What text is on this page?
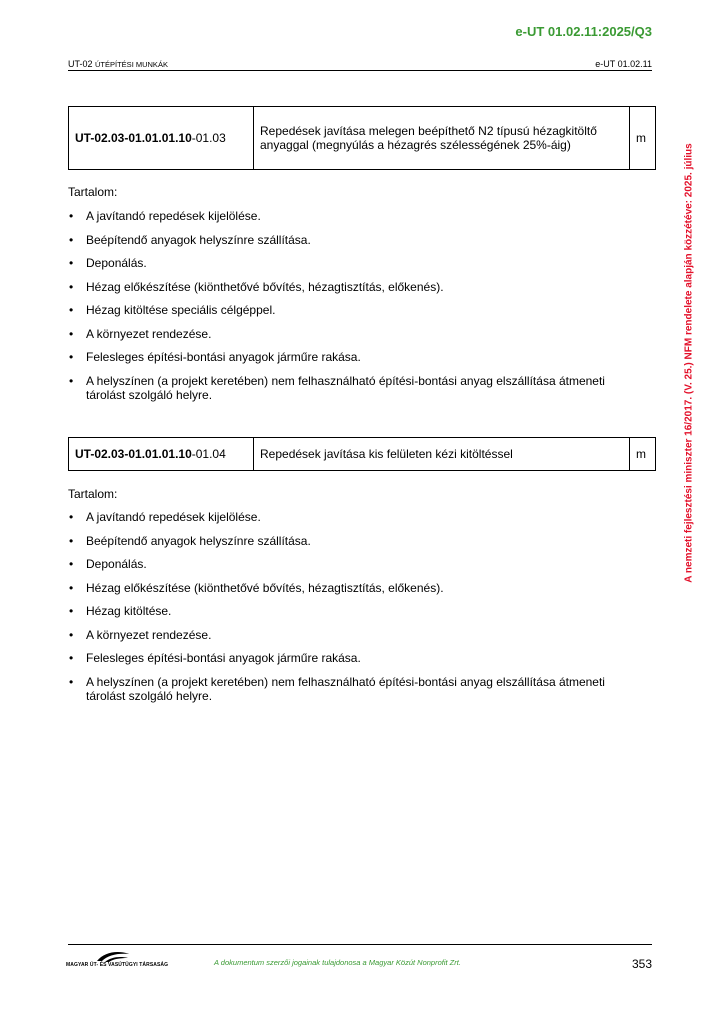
e-UT 01.02.11:2025/Q3
UT-02 ÚTÉPÍTÉSI MUNKÁK	e-UT 01.02.11
A nemzeti fejlesztési miniszter 16/2017. (V. 25.) NFM rendelete alapján közzétéve: 2025. július
UT-02.03-01.01.01.10-01.03	Repedések javítása melegen beépíthető N2 típusú hézagkitöltő anyaggal (megnyúlás a hézagrés szélességének 25%-áig)	m
Tartalom:
• A javítandó repedések kijelölése.
• Beépítendő anyagok helyszínre szállítása.
• Deponálás.
• Hézag előkészítése (kiönthetővé bővítés, hézagtisztítás, előkenés).
• Hézag kitöltése speciális célgéppel.
• A környezet rendezése.
• Felesleges építési-bontási anyagok járműre rakása.
• A helyszínen (a projekt keretében) nem felhasználható építési-bontási anyag elszállítása átmeneti tárolást szolgáló helyre.
UT-02.03-01.01.01.10-01.04	Repedések javítása kis felületen kézi kitöltéssel	m
Tartalom:
• A javítandó repedések kijelölése.
• Beépítendő anyagok helyszínre szállítása.
• Deponálás.
• Hézag előkészítése (kiönthetővé bővítés, hézagtisztítás, előkenés).
• Hézag kitöltése.
• A környezet rendezése.
• Felesleges építési-bontási anyagok járműre rakása.
• A helyszínen (a projekt keretében) nem felhasználható építési-bontási anyag elszállítása átmeneti tárolást szolgáló helyre.
MAGYAR ÚT- ÉS VASÚTÜGYI TÁRSASÁG	A dokumentum szerzői jogainak tulajdonosa a Magyar Közút Nonprofit Zrt.	353
